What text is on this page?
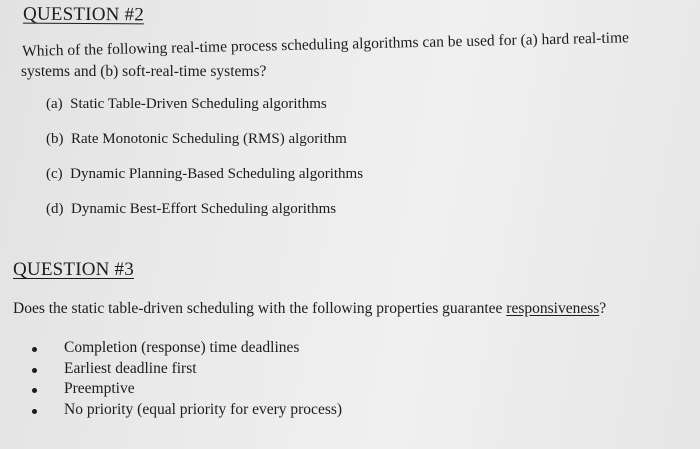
QUESTION #2
Which of the following real-time process scheduling algorithms can be used for (a) hard real-time
systems and (b) soft-real-time systems?
(a) Static Table-Driven Scheduling algorithms
(b) Rate Monotonic Scheduling (RMS) algorithm
(c) Dynamic Planning-Based Scheduling algorithms
(d) Dynamic Best-Effort Scheduling algorithms
QUESTION #3
Does the static table-driven scheduling with the following properties guarantee responsiveness?
Completion (response) time deadlines
Earliest deadline first
Preemptive
No priority (equal priority for every process)
